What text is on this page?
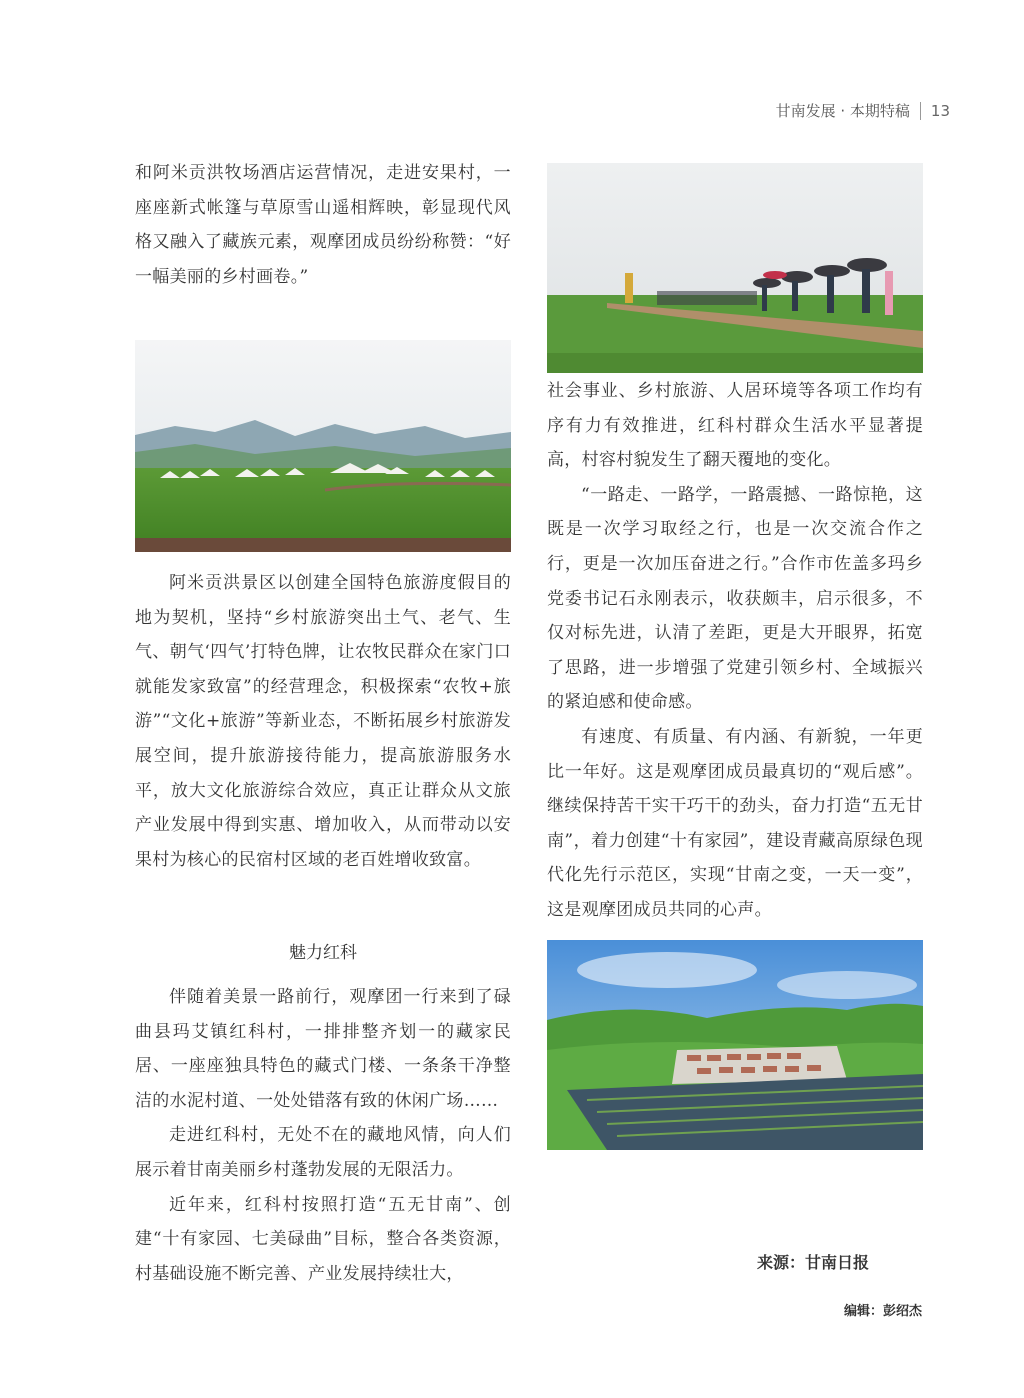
甘南发展 · 本期特稿 13

和阿米贡洪牧场酒店运营情况，走进安果村，一座座新式帐篷与草原雪山遥相辉映，彰显现代风格又融入了藏族元素，观摩团成员纷纷称赞：“好一幅美丽的乡村画卷。”

阿米贡洪景区以创建全国特色旅游度假目的地为契机，坚持“乡村旅游突出土气、老气、生气、朝气‘四气’打特色牌，让农牧民群众在家门口就能发家致富”的经营理念，积极探索“农牧+旅游”“文化+旅游”等新业态，不断拓展乡村旅游发展空间，提升旅游接待能力，提高旅游服务水平，放大文化旅游综合效应，真正让群众从文旅产业发展中得到实惠、增加收入，从而带动以安果村为核心的民宿村区域的老百姓增收致富。

魅力红科

伴随着美景一路前行，观摩团一行来到了碌曲县玛艾镇红科村，一排排整齐划一的藏家民居、一座座独具特色的藏式门楼、一条条干净整洁的水泥村道、一处处错落有致的休闲广场……

走进红科村，无处不在的藏地风情，向人们展示着甘南美丽乡村蓬勃发展的无限活力。

近年来，红科村按照打造“五无甘南”、创建“十有家园、七美碌曲”目标，整合各类资源，村基础设施不断完善、产业发展持续壮大，

社会事业、乡村旅游、人居环境等各项工作均有序有力有效推进，红科村群众生活水平显著提高，村容村貌发生了翻天覆地的变化。

“一路走、一路学，一路震撼、一路惊艳，这既是一次学习取经之行，也是一次交流合作之行，更是一次加压奋进之行。”合作市佐盖多玛乡党委书记石永刚表示，收获颇丰，启示很多，不仅对标先进，认清了差距，更是大开眼界，拓宽了思路，进一步增强了党建引领乡村、全域振兴的紧迫感和使命感。

有速度、有质量、有内涵、有新貌，一年更比一年好。这是观摩团成员最真切的“观后感”。继续保持苦干实干巧干的劲头，奋力打造“五无甘南”，着力创建“十有家园”，建设青藏高原绿色现代化先行示范区，实现“甘南之变，一天一变”，这是观摩团成员共同的心声。

来源：甘南日报
编辑：彭绍杰
